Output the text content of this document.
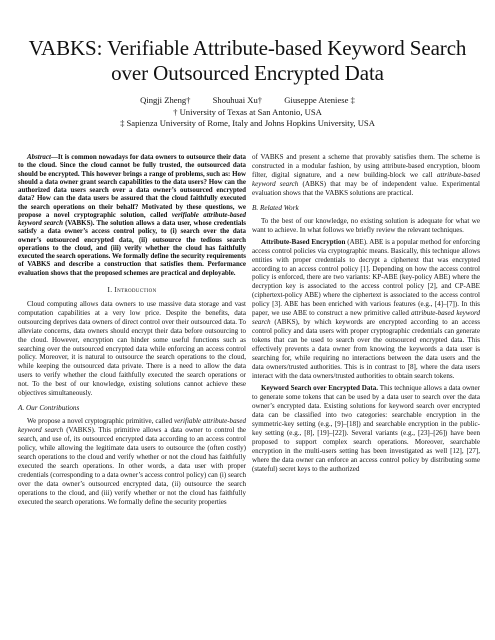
VABKS: Verifiable Attribute-based Keyword Search
over Outsourced Encrypted Data
Qingji Zheng†	Shouhuai Xu†	Giuseppe Ateniese ‡
† University of Texas at San Antonio, USA
‡ Sapienza University of Rome, Italy and Johns Hopkins University, USA

Abstract—It is common nowadays for data owners to outsource their data to the cloud. Since the cloud cannot be fully trusted, the outsourced data should be encrypted. This however brings a range of problems, such as: How should a data owner grant search capabilities to the data users? How can the authorized data users search over a data owner’s outsourced encrypted data? How can the data users be assured that the cloud faithfully executed the search operations on their behalf? Motivated by these questions, we propose a novel cryptographic solution, called verifiable attribute-based keyword search (VABKS). The solution allows a data user, whose credentials satisfy a data owner’s access control policy, to (i) search over the data owner’s outsourced encrypted data, (ii) outsource the tedious search operations to the cloud, and (iii) verify whether the cloud has faithfully executed the search operations. We formally define the security requirements of VABKS and describe a construction that satisfies them. Performance evaluation shows that the proposed schemes are practical and deployable.

I. Introduction

Cloud computing allows data owners to use massive data storage and vast computation capabilities at a very low price. Despite the benefits, data outsourcing deprives data owners of direct control over their outsourced data. To alleviate concerns, data owners should encrypt their data before outsourcing to the cloud. However, encryption can hinder some useful functions such as searching over the outsourced encrypted data while enforcing an access control policy. Moreover, it is natural to outsource the search operations to the cloud, while keeping the outsourced data private. There is a need to allow the data users to verify whether the cloud faithfully executed the search operations or not. To the best of our knowledge, existing solutions cannot achieve these objectives simultaneously.

A. Our Contributions

We propose a novel cryptographic primitive, called verifiable attribute-based keyword search (VABKS). This primitive allows a data owner to control the search, and use of, its outsourced encrypted data according to an access control policy, while allowing the legitimate data users to outsource the (often costly) search operations to the cloud and verify whether or not the cloud has faithfully executed the search operations. In other words, a data user with proper credentials (corresponding to a data owner’s access control policy) can (i) search over the data owner’s outsourced encrypted data, (ii) outsource the search operations to the cloud, and (iii) verify whether or not the cloud has faithfully executed the search operations. We formally define the security properties

of VABKS and present a scheme that provably satisfies them. The scheme is constructed in a modular fashion, by using attribute-based encryption, bloom filter, digital signature, and a new building-block we call attribute-based keyword search (ABKS) that may be of independent value. Experimental evaluation shows that the VABKS solutions are practical.

B. Related Work

To the best of our knowledge, no existing solution is adequate for what we want to achieve. In what follows we briefly review the relevant techniques.

Attribute-Based Encryption (ABE). ABE is a popular method for enforcing access control policies via cryptographic means. Basically, this technique allows entities with proper credentials to decrypt a ciphertext that was encrypted according to an access control policy [1]. Depending on how the access control policy is enforced, there are two variants: KP-ABE (key-policy ABE) where the decryption key is associated to the access control policy [2], and CP-ABE (ciphertext-policy ABE) where the ciphertext is associated to the access control policy [3]. ABE has been enriched with various features (e.g., [4]–[7]). In this paper, we use ABE to construct a new primitive called attribute-based keyword search (ABKS), by which keywords are encrypted according to an access control policy and data users with proper cryptographic credentials can generate tokens that can be used to search over the outsourced encrypted data. This effectively prevents a data owner from knowing the keywords a data user is searching for, while requiring no interactions between the data users and the data owners/trusted authorities. This is in contrast to [8], where the data users interact with the data owners/trusted authorities to obtain search tokens.

Keyword Search over Encrypted Data. This technique allows a data owner to generate some tokens that can be used by a data user to search over the data owner’s encrypted data. Existing solutions for keyword search over encrypted data can be classified into two categories: searchable encryption in the symmetric-key setting (e.g., [9]–[18]) and searchable encryption in the public-key setting (e.g., [8], [19]–[22]). Several variants (e.g., [23]–[26]) have been proposed to support complex search operations. Moreover, searchable encryption in the multi-users setting has been investigated as well [12], [27], where the data owner can enforce an access control policy by distributing some (stateful) secret keys to the authorized
